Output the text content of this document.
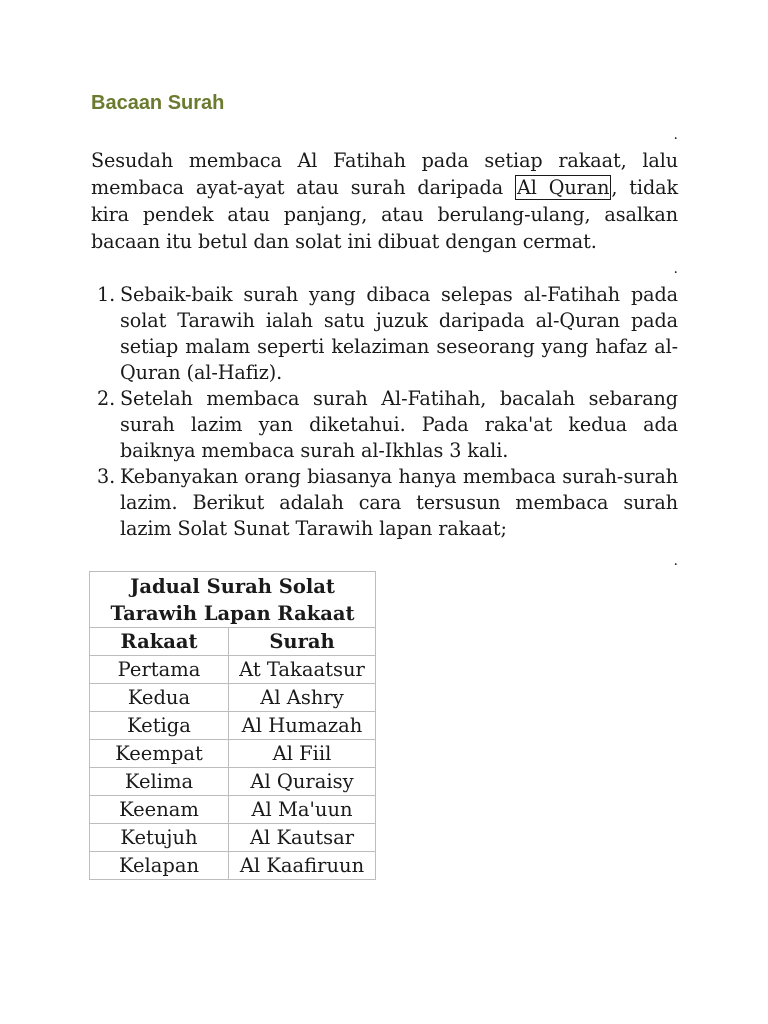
Bacaan Surah
.

Sesudah membaca Al Fatihah pada setiap rakaat, lalu membaca ayat-ayat atau surah daripada Al Quran , tidak kira pendek atau panjang, atau berulang-ulang, asalkan bacaan itu betul dan solat ini dibuat dengan cermat.

.
1. Sebaik-baik surah yang dibaca selepas al-Fatihah pada solat Tarawih ialah satu juzuk daripada al-Quran pada setiap malam seperti kelaziman seseorang yang hafaz al-Quran (al-Hafiz).
2. Setelah membaca surah Al-Fatihah, bacalah sebarang surah lazim yan diketahui. Pada raka'at kedua ada baiknya membaca surah al-Ikhlas 3 kali.
3. Kebanyakan orang biasanya hanya membaca surah-surah lazim. Berikut adalah cara tersusun membaca surah lazim Solat Sunat Tarawih lapan rakaat;
.
Jadual Surah Solat Tarawih Lapan Rakaat	
Rakaat	Surah
Pertama	At Takaatsur
Kedua	Al Ashry
Ketiga	Al Humazah
Keempat	Al Fiil
Kelima	Al Quraisy
Keenam	Al Ma'uun
Ketujuh	Al Kautsar
Kelapan	Al Kaafiruun
